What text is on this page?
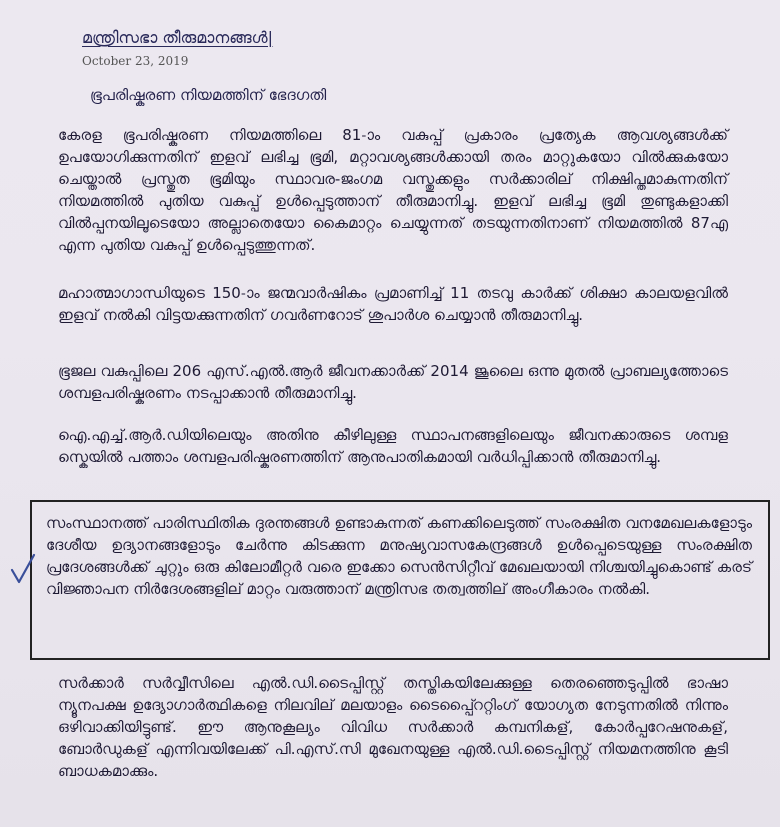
മന്ത്രിസഭാ തീരുമാനങ്ങൾ|
October 23, 2019
ഭൂപരിഷ്കരണ നിയമത്തിന് ഭേദഗതി
കേരള ഭൂപരിഷ്കരണ നിയമത്തിലെ 81-ാം വകുപ്പ് പ്രകാരം പ്രത്യേക ആവശ്യങ്ങൾക്ക് ഉപയോഗിക്കുന്നതിന് ഇളവ് ലഭിച്ച ഭൂമി, മറ്റാവശ്യങ്ങൾക്കായി തരം മാറ്റുകയോ വിൽക്കുകയോ ചെയ്താൽ പ്രസ്തുത ഭൂമിയും സ്ഥാവര-ജംഗമ വസ്തുക്കളും സർക്കാരില് നിക്ഷിപ്തമാകുന്നതിന് നിയമത്തിൽ പുതിയ വകുപ്പ് ഉൾപ്പെടുത്താന് തീരുമാനിച്ചു. ഇളവ് ലഭിച്ച ഭൂമി തുണ്ടുകളാക്കി വിൽപ്പനയിലൂടെയോ അല്ലാതെയോ കൈമാറ്റം ചെയ്യുന്നത് തടയുന്നതിനാണ് നിയമത്തിൽ 87എ എന്ന പുതിയ വകുപ്പ് ഉൾപ്പെടുത്തുന്നത്.
മഹാത്മാഗാന്ധിയുടെ 150-ാം ജന്മവാർഷികം പ്രമാണിച്ച് 11 തടവു കാർക്ക് ശിക്ഷാ കാലയളവിൽ ഇളവ് നൽകി വിട്ടയക്കുന്നതിന് ഗവർണറോട് ശുപാർശ ചെയ്യാൻ തീരുമാനിച്ചു.
ഭൂജല വകുപ്പിലെ 206 എസ്.എൽ.ആർ ജീവനക്കാർക്ക് 2014 ജൂലൈ ഒന്നു മുതൽ പ്രാബല്യത്തോടെ ശമ്പളപരിഷ്കരണം നടപ്പാക്കാൻ തീരുമാനിച്ചു.
ഐ.എച്ച്.ആർ.ഡിയിലെയും അതിനു കീഴിലുള്ള സ്ഥാപനങ്ങളിലെയും ജീവനക്കാരുടെ ശമ്പള സ്കെയിൽ പത്താം ശമ്പളപരിഷ്കരണത്തിന് ആനുപാതികമായി വർധിപ്പിക്കാൻ തീരുമാനിച്ചു.
സംസ്ഥാനത്ത് പാരിസ്ഥിതിക ദുരന്തങ്ങൾ ഉണ്ടാകുന്നത് കണക്കിലെടുത്ത് സംരക്ഷിത വനമേഖലകളോടും ദേശീയ ഉദ്യാനങ്ങളോടും ചേർന്നു കിടക്കുന്ന മനുഷ്യവാസകേന്ദ്രങ്ങൾ ഉൾപ്പെടെയുള്ള സംരക്ഷിത പ്രദേശങ്ങൾക്ക് ചുറ്റും ഒരു കിലോമീറ്റർ വരെ ഇക്കോ സെൻസിറ്റീവ് മേഖലയായി നിശ്ചയിച്ചുകൊണ്ട് കരട് വിജ്ഞാപന നിർദേശങ്ങളില് മാറ്റം വരുത്താന് മന്ത്രിസഭ തത്വത്തില് അംഗീകാരം നൽകി.
സർക്കാർ സർവ്വീസിലെ എൽ.ഡി.ടൈപ്പിസ്റ്റ് തസ്തികയിലേക്കുള്ള തെരഞ്ഞെടുപ്പിൽ ഭാഷാ ന്യൂനപക്ഷ ഉദ്യോഗാർത്ഥികളെ നിലവില് മലയാളം ടൈപ്പ്റൈറ്റിംഗ് യോഗ്യത നേടുന്നതിൽ നിന്നും ഒഴിവാക്കിയിട്ടുണ്ട്. ഈ ആനുകൂല്യം വിവിധ സർക്കാർ കമ്പനികള്, കോർപ്പറേഷനുകള്, ബോർഡുകള് എന്നിവയിലേക്ക് പി.എസ്.സി മുഖേനയുള്ള എൽ.ഡി.ടൈപ്പിസ്റ്റ് നിയമനത്തിനു കൂടി ബാധകമാക്കും.
